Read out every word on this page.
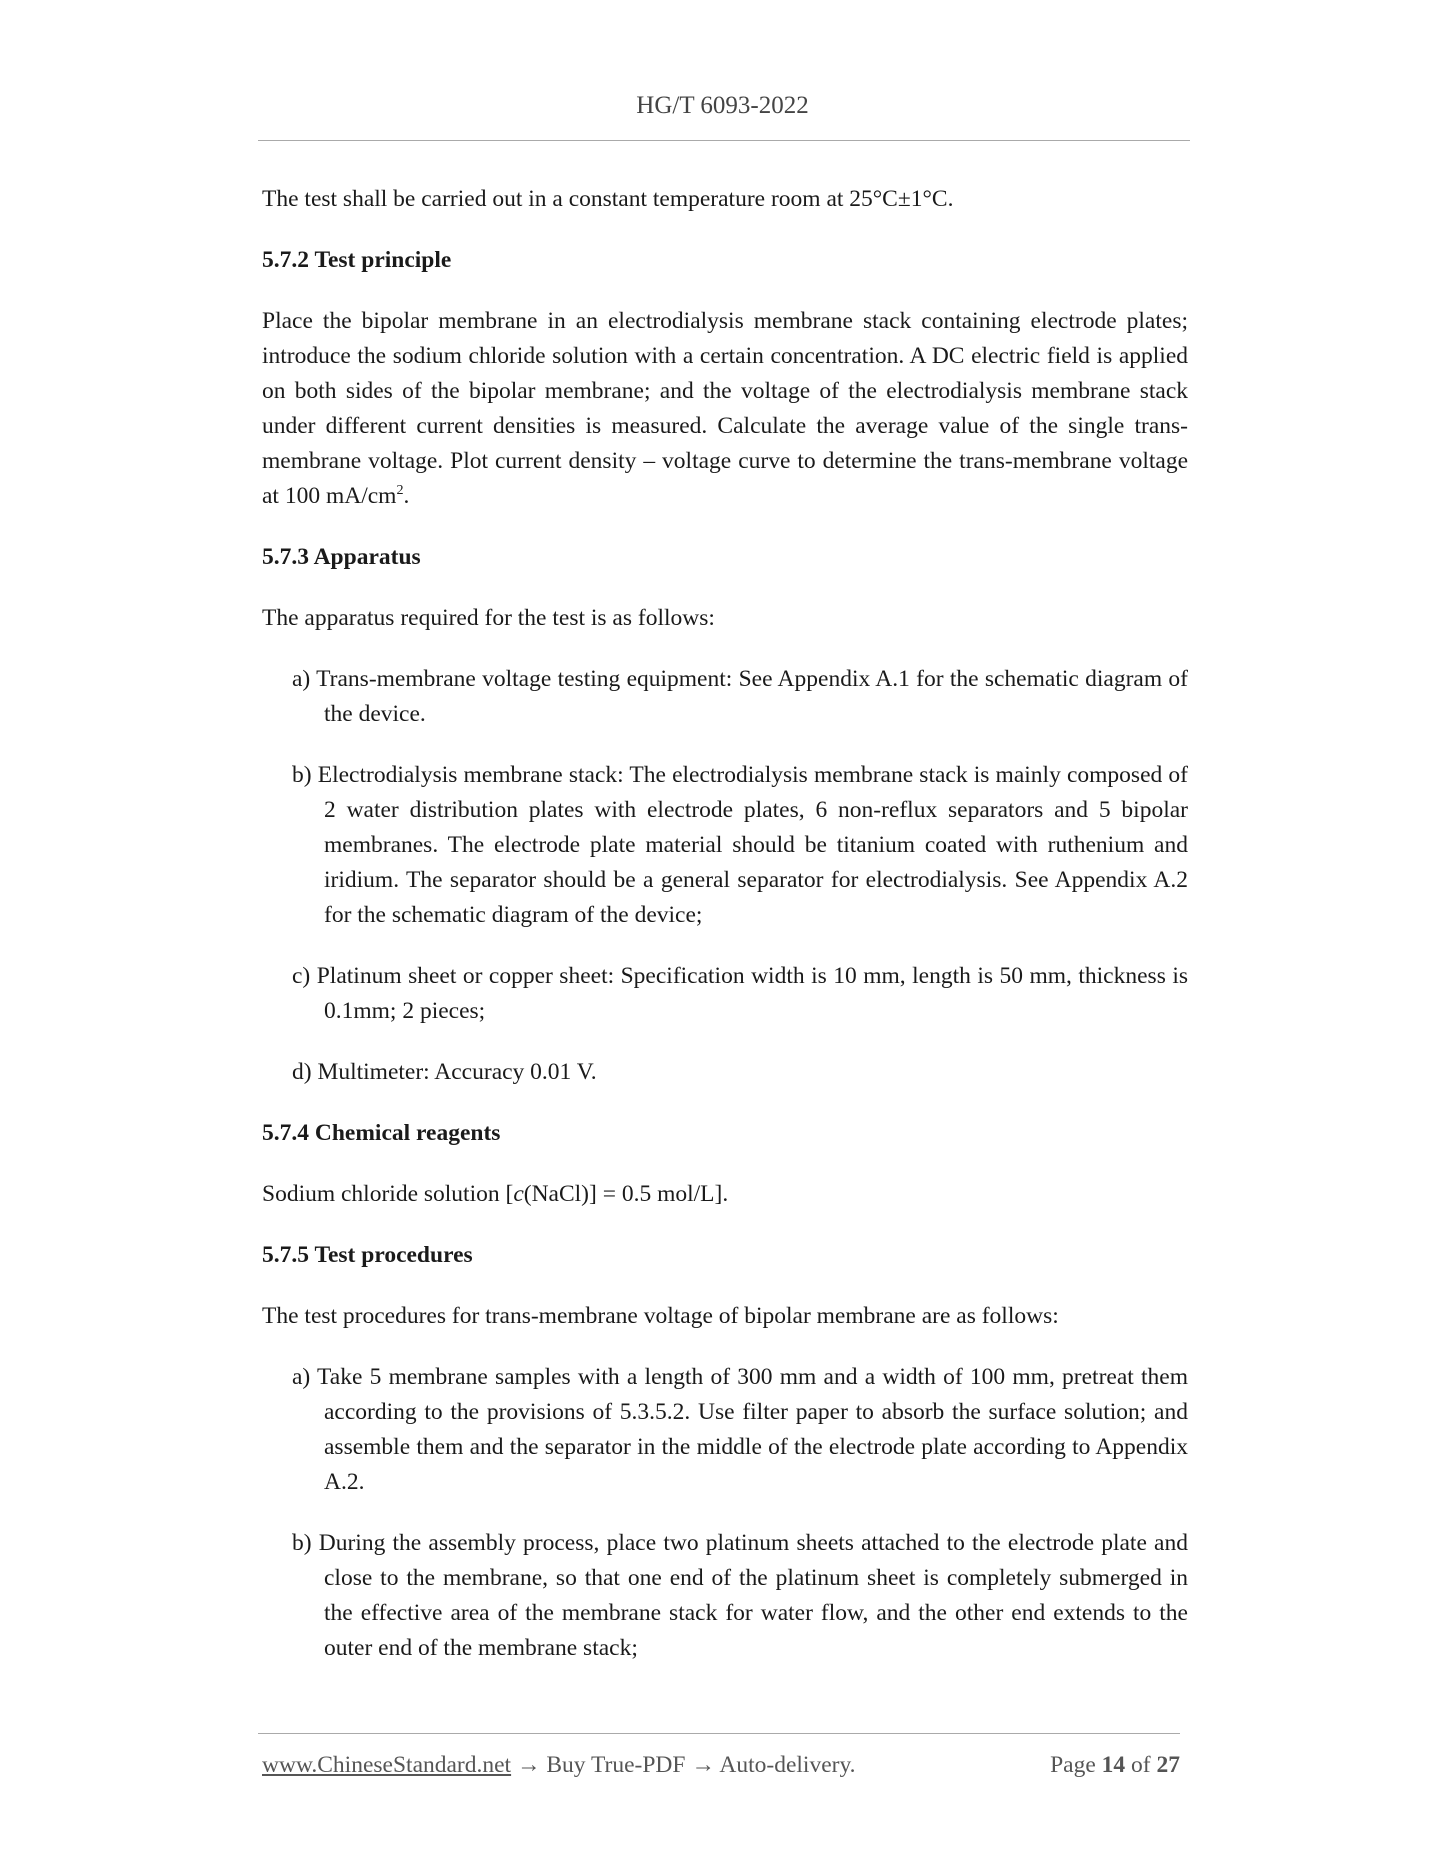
HG/T 6093-2022

The test shall be carried out in a constant temperature room at 25°C±1°C.

5.7.2 Test principle

Place the bipolar membrane in an electrodialysis membrane stack containing electrode plates; introduce the sodium chloride solution with a certain concentration. A DC electric field is applied on both sides of the bipolar membrane; and the voltage of the electrodialysis membrane stack under different current densities is measured. Calculate the average value of the single trans-membrane voltage. Plot current density – voltage curve to determine the trans-membrane voltage at 100 $mA/cm^2$.

5.7.3 Apparatus

The apparatus required for the test is as follows:

a) Trans-membrane voltage testing equipment: See Appendix A.1 for the schematic diagram of the device.

b) Electrodialysis membrane stack: The electrodialysis membrane stack is mainly composed of 2 water distribution plates with electrode plates, 6 non-reflux separators and 5 bipolar membranes. The electrode plate material should be titanium coated with ruthenium and iridium. The separator should be a general separator for electrodialysis. See Appendix A.2 for the schematic diagram of the device;

c) Platinum sheet or copper sheet: Specification width is 10 mm, length is 50 mm, thickness is 0.1mm; 2 pieces;

d) Multimeter: Accuracy 0.01 V.

5.7.4 Chemical reagents

Sodium chloride solution [c(NaCl)] = 0.5 mol/L].

5.7.5 Test procedures

The test procedures for trans-membrane voltage of bipolar membrane are as follows:

a) Take 5 membrane samples with a length of 300 mm and a width of 100 mm, pretreat them according to the provisions of 5.3.5.2. Use filter paper to absorb the surface solution; and assemble them and the separator in the middle of the electrode plate according to Appendix A.2.

b) During the assembly process, place two platinum sheets attached to the electrode plate and close to the membrane, so that one end of the platinum sheet is completely submerged in the effective area of the membrane stack for water flow, and the other end extends to the outer end of the membrane stack;

www.ChineseStandard.net → Buy True-PDF → Auto-delivery.	Page 14 of 27
